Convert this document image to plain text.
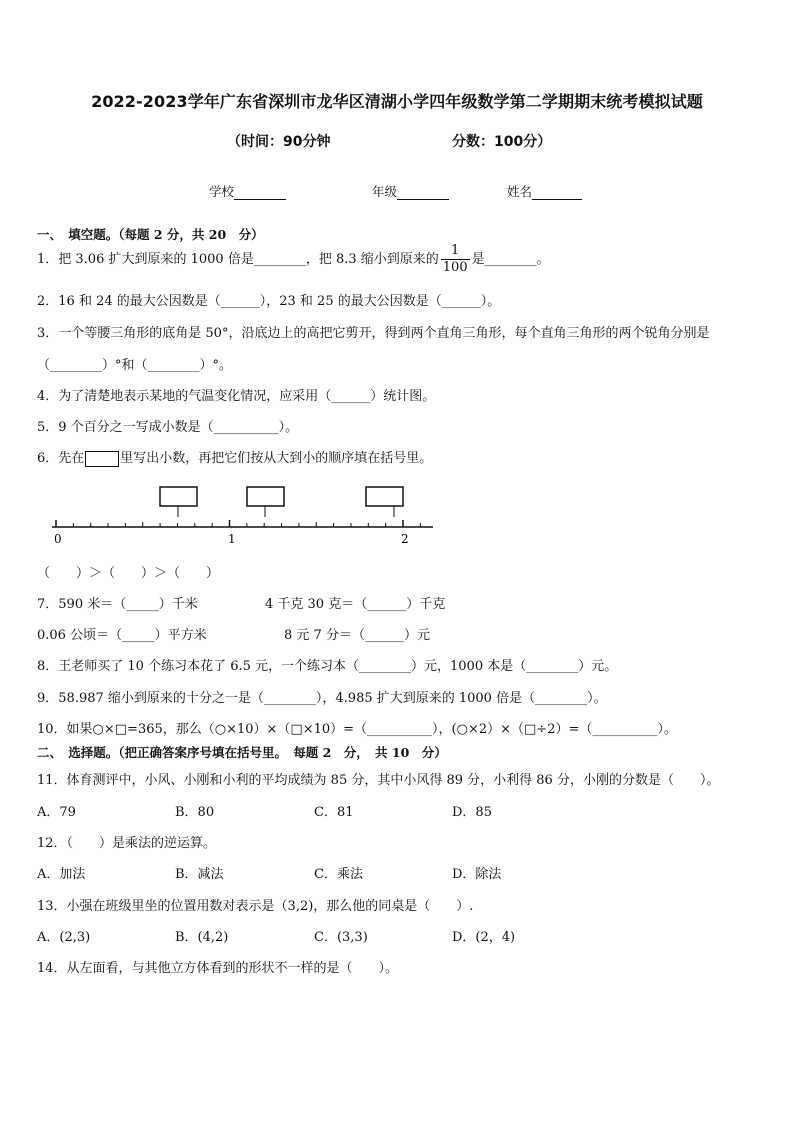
2022-2023学年广东省深圳市龙华区清湖小学四年级数学第二学期期末统考模拟试题
（时间：90分钟	分数：100分）
学校	年级	姓名
一、　填空题。（每题 2 分，共 20　分）
1．把 3.06 扩大到原来的 1000 倍是________，把 8.3 缩小到原来的 $\frac{1}{100}$ 是________。
2．16 和 24 的最大公因数是（______），23 和 25 的最大公因数是（______）。
3．一个等腰三角形的底角是 50°，沿底边上的高把它剪开，得到两个直角三角形，每个直角三角形的两个锐角分别是
（________）°和（________）°。
4．为了清楚地表示某地的气温变化情况，应采用（______）统计图。
5．9 个百分之一写成小数是（__________）。
6．先在	里写出小数，再把它们按从大到小的顺序填在括号里。
0	1	2
（　　）＞（　　）＞（　　）
7．590 米＝（_____）千米	4 千克 30 克＝（______）千克
0.06 公顷＝（_____）平方米	8 元 7 分＝（______）元
8．王老师买了 10 个练习本花了 6.5 元，一个练习本（________）元，1000 本是（________）元。
9．58.987 缩小到原来的十分之一是（________），4.985 扩大到原来的 1000 倍是（________）。
10．如果○×□=365，那么（○×10）×（□×10）=（__________），(○×2）×（□÷2）=（__________）。
二、　选择题。（把正确答案序号填在括号里。　每题 2　分，　共 10　分）
11．体育测评中，小风、小刚和小利的平均成绩为 85 分，其中小风得 89 分，小利得 86 分，小刚的分数是（　　）。
A．79	B．80	C．81	D．85
12．（　　）是乘法的逆运算。
A．加法	B．减法	C．乘法	D．除法
13．小强在班级里坐的位置用数对表示是（3,2)，那么他的同桌是（　　）.
A．(2,3)	B．(4,2)	C．(3,3)	D．(2，4)
14．从左面看，与其他立方体看到的形状不一样的是（　　）。
